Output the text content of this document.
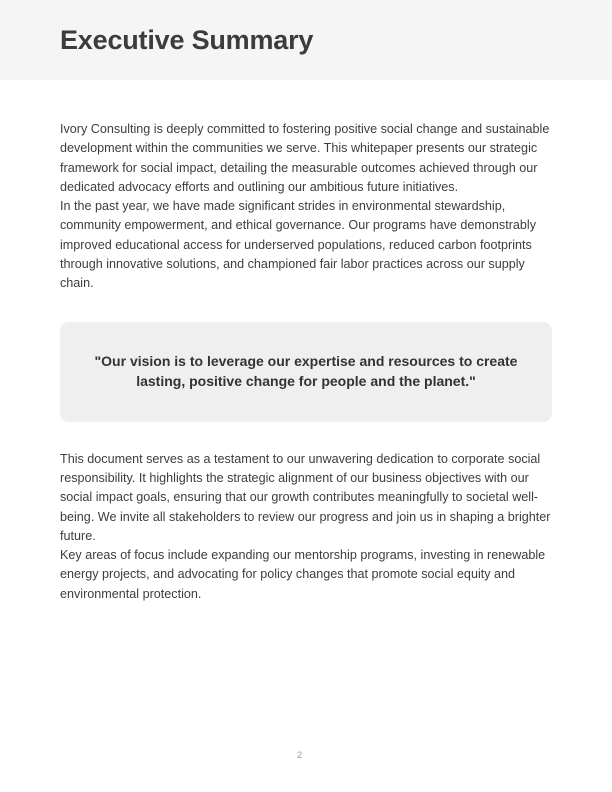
Executive Summary

Ivory Consulting is deeply committed to fostering positive social change and sustainable development within the communities we serve. This whitepaper presents our strategic framework for social impact, detailing the measurable outcomes achieved through our dedicated advocacy efforts and outlining our ambitious future initiatives.

In the past year, we have made significant strides in environmental stewardship, community empowerment, and ethical governance. Our programs have demonstrably improved educational access for underserved populations, reduced carbon footprints through innovative solutions, and championed fair labor practices across our supply chain.

"Our vision is to leverage our expertise and resources to create lasting, positive change for people and the planet."

This document serves as a testament to our unwavering dedication to corporate social responsibility. It highlights the strategic alignment of our business objectives with our social impact goals, ensuring that our growth contributes meaningfully to societal well-being. We invite all stakeholders to review our progress and join us in shaping a brighter future.

Key areas of focus include expanding our mentorship programs, investing in renewable energy projects, and advocating for policy changes that promote social equity and environmental protection.

2
